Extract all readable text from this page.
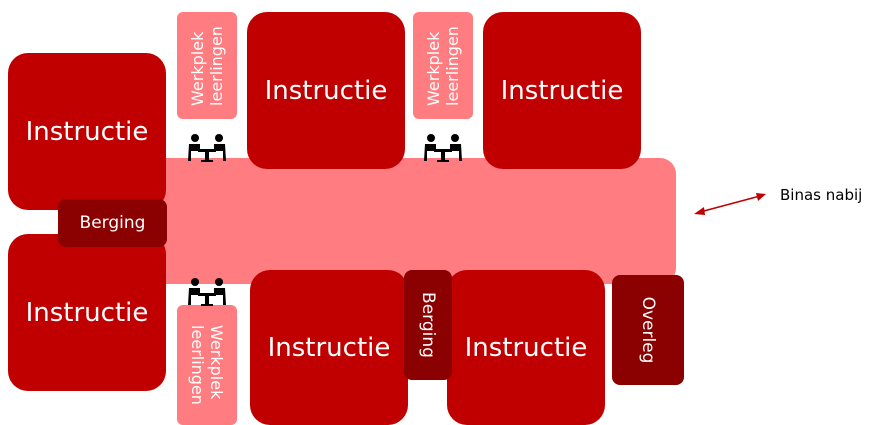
Instructie
Instructie
Berging
Werkplek
leerlingen	Werkplek
leerlingen
Werkplek
leerlingen
Instructie	Instructie
Instructie	Instructie
Berging	Overleg
Binas nabij
